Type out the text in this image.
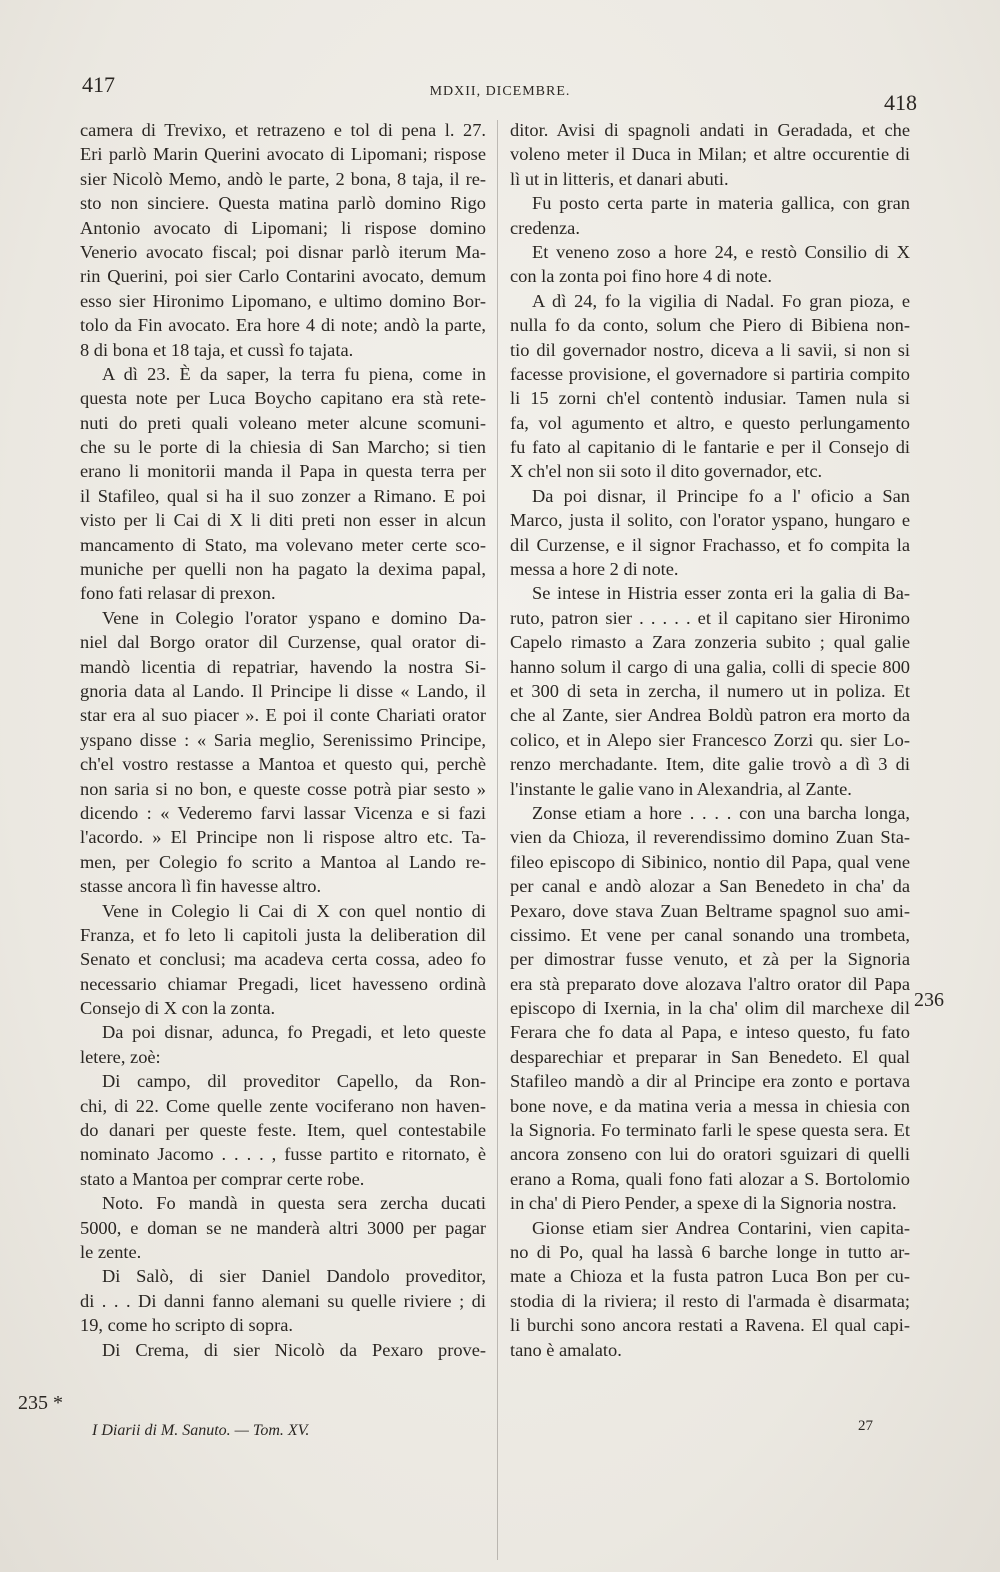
417	MDXII, DICEMBRE.	418
camera di Trevixo, et retrazeno e tol di pena l. 27.
Eri parlò Marin Querini avocato di Lipomani; rispose
sier Nicolò Memo, andò le parte, 2 bona, 8 taja, il re-
sto non sinciere. Questa matina parlò domino Rigo
Antonio avocato di Lipomani; li rispose domino
Venerio avocato fiscal; poi disnar parlò iterum Ma-
rin Querini, poi sier Carlo Contarini avocato, demum
esso sier Hironimo Lipomano, e ultimo domino Bor-
tolo da Fin avocato. Era hore 4 di note; andò la parte,
8 di bona et 18 taja, et cussì fo tajata.
A dì 23. È da saper, la terra fu piena, come in
questa note per Luca Boycho capitano era stà rete-
nuti do preti quali voleano meter alcune scomuni-
che su le porte di la chiesia di San Marcho; si tien
erano li monitorii manda il Papa in questa terra per
il Stafileo, qual si ha il suo zonzer a Rimano. E poi
visto per li Cai di X li diti preti non esser in alcun
mancamento di Stato, ma volevano meter certe sco-
muniche per quelli non ha pagato la dexima papal,
fono fati relasar di prexon.
Vene in Colegio l'orator yspano e domino Da-
niel dal Borgo orator dil Curzense, qual orator di-
mandò licentia di repatriar, havendo la nostra Si-
gnoria data al Lando. Il Principe li disse « Lando, il
star era al suo piacer ». E poi il conte Chariati orator
yspano disse : « Saria meglio, Serenissimo Principe,
ch'el vostro restasse a Mantoa et questo qui, perchè
non saria si no bon, e queste cosse potrà piar sesto »
dicendo : « Vederemo farvi lassar Vicenza e si fazi
l'acordo. » El Principe non li rispose altro etc. Ta-
men, per Colegio fo scrito a Mantoa al Lando re-
stasse ancora lì fin havesse altro.
Vene in Colegio li Cai di X con quel nontio di
Franza, et fo leto li capitoli justa la deliberation dil
Senato et conclusi; ma acadeva certa cossa, adeo fo
necessario chiamar Pregadi, licet havesseno ordinà
Consejo di X con la zonta.
Da poi disnar, adunca, fo Pregadi, et leto queste
letere, zoè:
Di campo, dil proveditor Capello, da Ron-
chi, di 22. Come quelle zente vociferano non haven-
do danari per queste feste. Item, quel contestabile
nominato Jacomo . . . . , fusse partito e ritornato, è
stato a Mantoa per comprar certe robe.
Noto. Fo mandà in questa sera zercha ducati
5000, e doman se ne manderà altri 3000 per pagar
le zente.
Di Salò, di sier Daniel Dandolo proveditor,
di . . . Di danni fanno alemani su quelle riviere ; di
19, come ho scripto di sopra.
Di Crema, di sier Nicolò da Pexaro prove-
ditor. Avisi di spagnoli andati in Geradada, et che
voleno meter il Duca in Milan; et altre occurentie di
lì ut in litteris, et danari abuti.
Fu posto certa parte in materia gallica, con gran
credenza.
Et veneno zoso a hore 24, e restò Consilio di X
con la zonta poi fino hore 4 di note.
A dì 24, fo la vigilia di Nadal. Fo gran pioza, e
nulla fo da conto, solum che Piero di Bibiena non-
tio dil governador nostro, diceva a li savii, si non si
facesse provisione, el governadore si partiria compito
li 15 zorni ch'el contentò indusiar. Tamen nula si
fa, vol agumento et altro, e questo perlungamento
fu fato al capitanio di le fantarie e per il Consejo di
X ch'el non sii soto il dito governador, etc.
Da poi disnar, il Principe fo a l' oficio a San
Marco, justa il solito, con l'orator yspano, hungaro e
dil Curzense, e il signor Frachasso, et fo compita la
messa a hore 2 di note.
Se intese in Histria esser zonta eri la galia di Ba-
ruto, patron sier . . . . . et il capitano sier Hironimo
Capelo rimasto a Zara zonzeria subito ; qual galie
hanno solum il cargo di una galia, colli di specie 800
et 300 di seta in zercha, il numero ut in poliza. Et
che al Zante, sier Andrea Boldù patron era morto da
colico, et in Alepo sier Francesco Zorzi qu. sier Lo-
renzo merchadante. Item, dite galie trovò a dì 3 di
l'instante le galie vano in Alexandria, al Zante.
Zonse etiam a hore . . . . con una barcha longa,
vien da Chioza, il reverendissimo domino Zuan Sta-
fileo episcopo di Sibinico, nontio dil Papa, qual vene
per canal e andò alozar a San Benedeto in cha' da
Pexaro, dove stava Zuan Beltrame spagnol suo ami-
cissimo. Et vene per canal sonando una trombeta,
per dimostrar fusse venuto, et zà per la Signoria
era stà preparato dove alozava l'altro orator dil Papa
episcopo di Ixernia, in la cha' olim dil marchexe dil
Ferara che fo data al Papa, e inteso questo, fu fato
desparechiar et preparar in San Benedeto. El qual
Stafileo mandò a dir al Principe era zonto e portava
bone nove, e da matina veria a messa in chiesia con
la Signoria. Fo terminato farli le spese questa sera. Et
ancora zonseno con lui do oratori sguizari di quelli
erano a Roma, quali fono fati alozar a S. Bortolomio
in cha' di Piero Pender, a spexe di la Signoria nostra.
Gionse etiam sier Andrea Contarini, vien capita-
no di Po, qual ha lassà 6 barche longe in tutto ar-
mate a Chioza et la fusta patron Luca Bon per cu-
stodia di la riviera; il resto di l'armada è disarmata;
li burchi sono ancora restati a Ravena. El qual capi-
tano è amalato.
235 *
236
I Diarii di M. Sanuto. — Tom. XV.	27
